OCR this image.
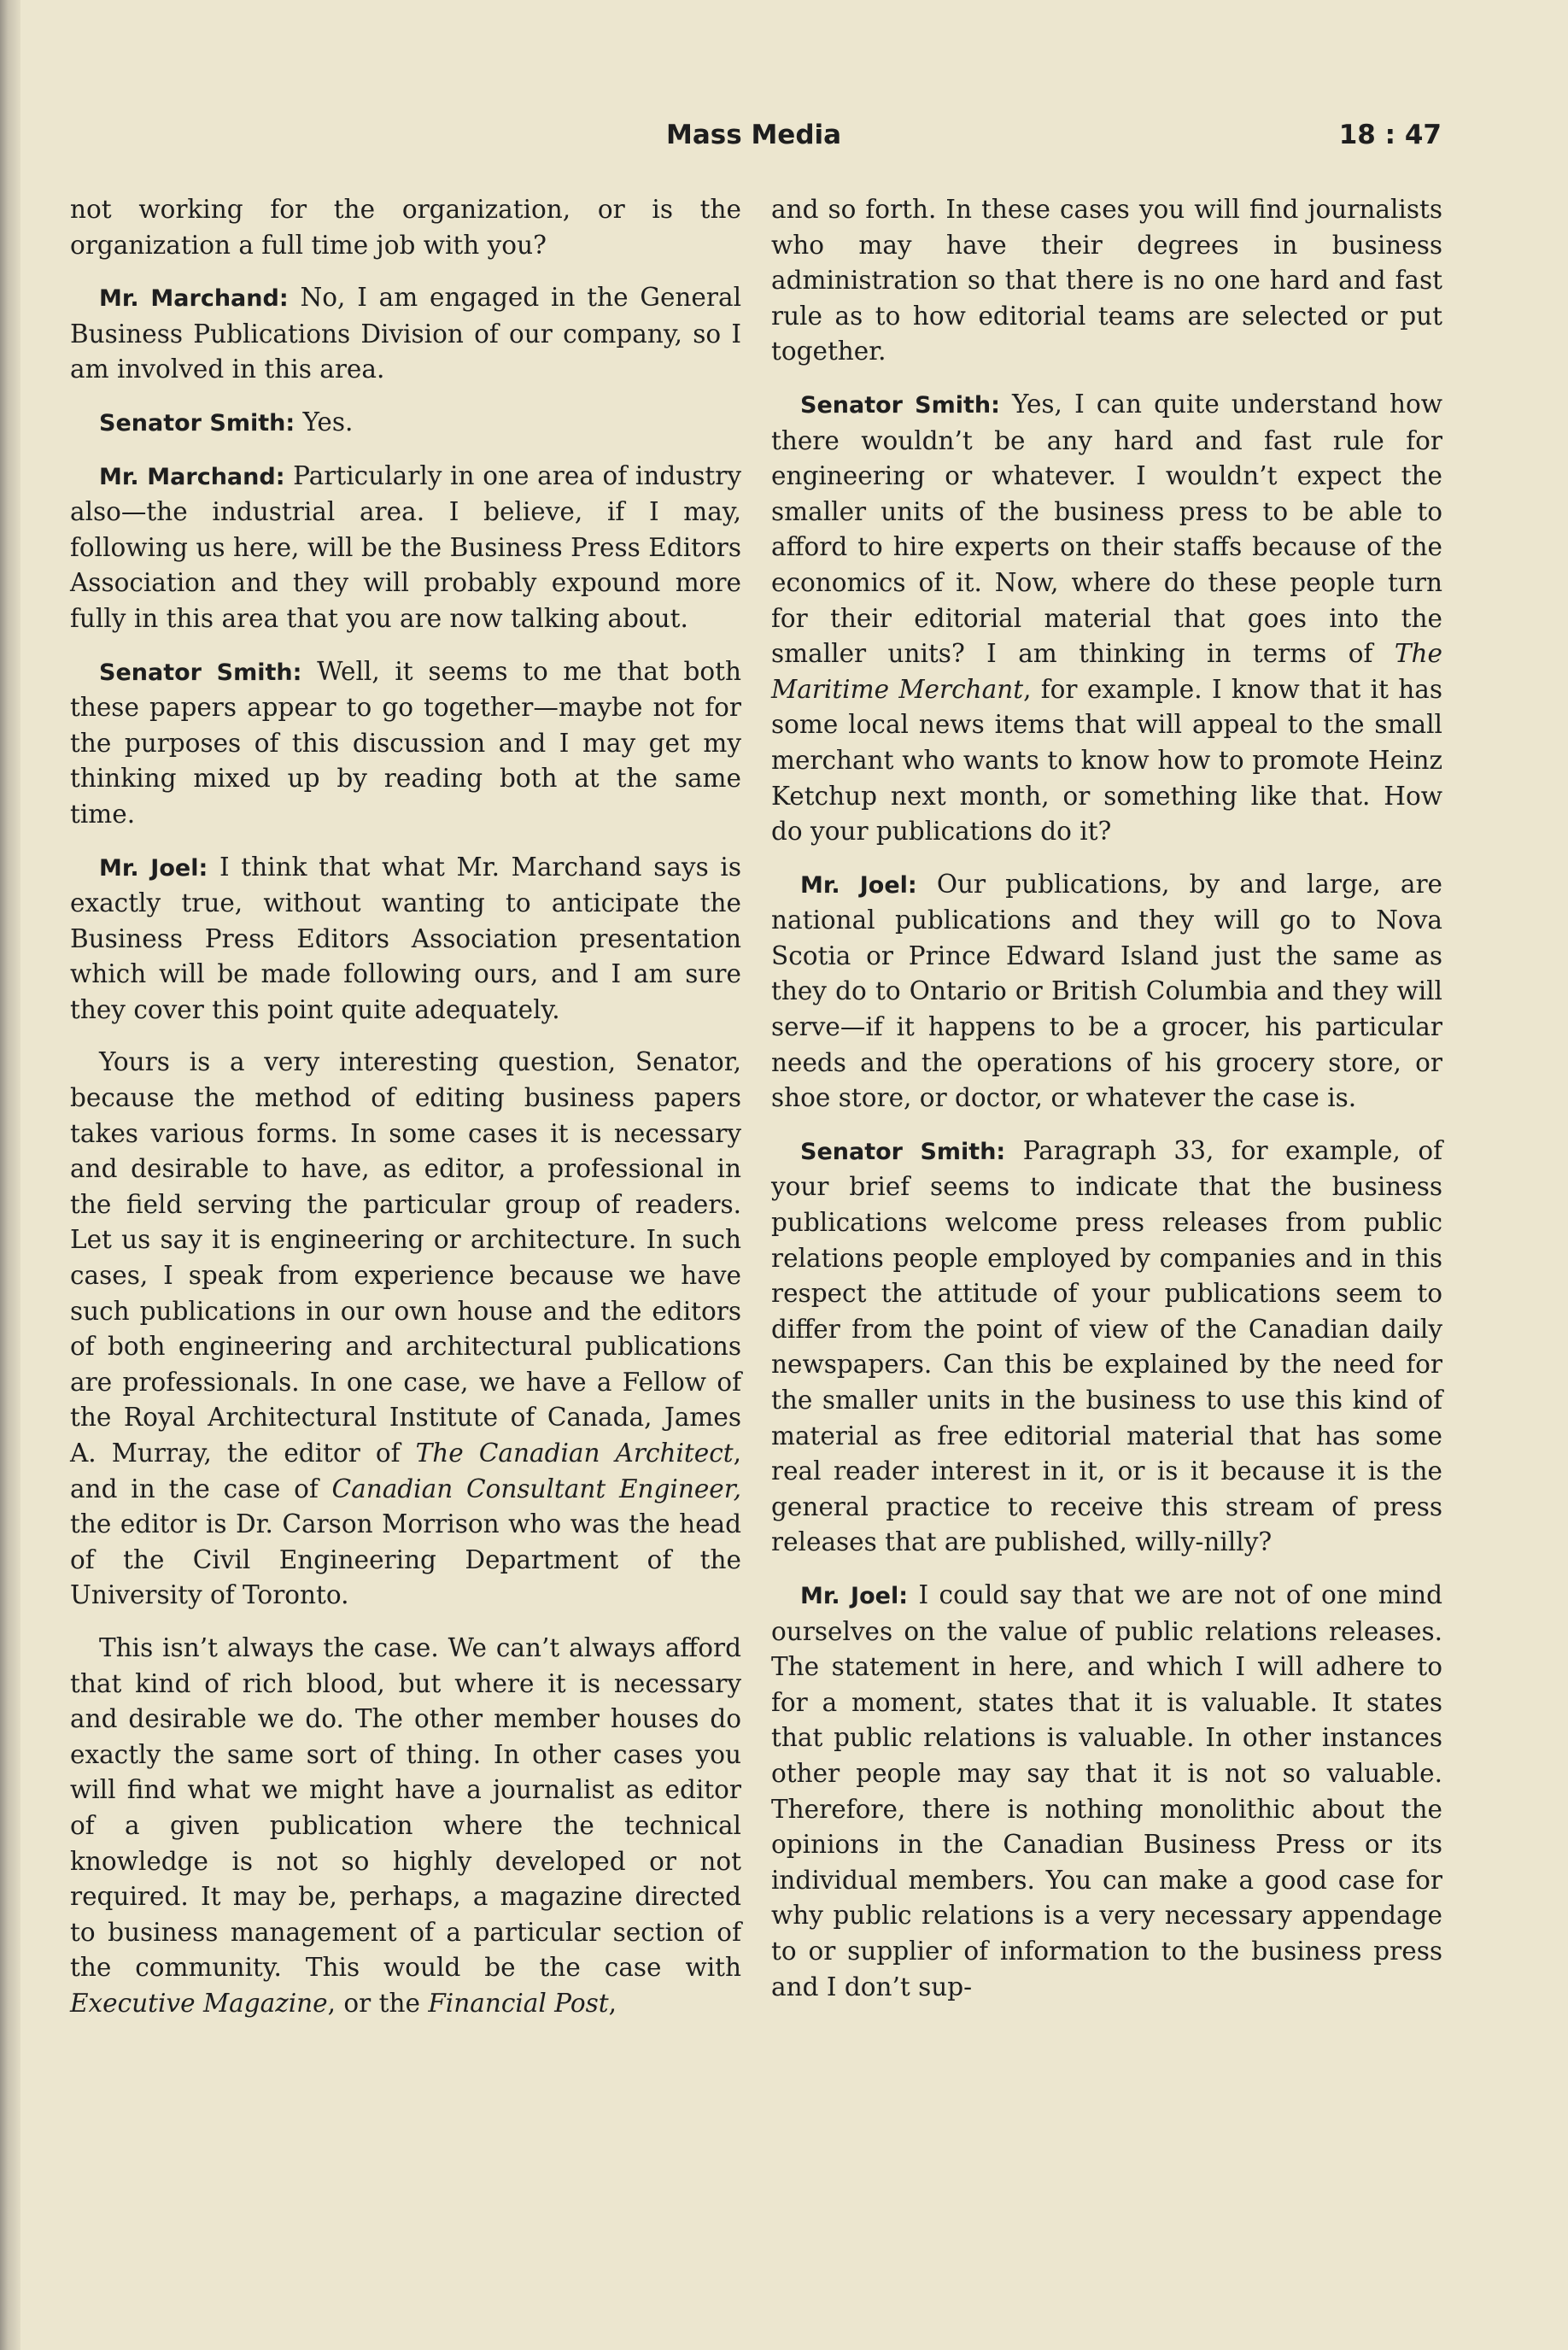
Mass Media	18 : 47

not working for the organization, or is the organization a full time job with you?

Mr. Marchand: No, I am engaged in the General Business Publications Division of our company, so I am involved in this area.

Senator Smith: Yes.

Mr. Marchand: Particularly in one area of industry also—the industrial area. I believe, if I may, following us here, will be the Business Press Editors Association and they will probably expound more fully in this area that you are now talking about.

Senator Smith: Well, it seems to me that both these papers appear to go together—maybe not for the purposes of this discussion and I may get my thinking mixed up by reading both at the same time.

Mr. Joel: I think that what Mr. Marchand says is exactly true, without wanting to anticipate the Business Press Editors Association presentation which will be made following ours, and I am sure they cover this point quite adequately.

Yours is a very interesting question, Senator, because the method of editing business papers takes various forms. In some cases it is necessary and desirable to have, as editor, a professional in the field serving the particular group of readers. Let us say it is engineering or architecture. In such cases, I speak from experience because we have such publications in our own house and the editors of both engineering and architectural publications are professionals. In one case, we have a Fellow of the Royal Architectural Institute of Canada, James A. Murray, the editor of The Canadian Architect, and in the case of Canadian Consultant Engineer, the editor is Dr. Carson Morrison who was the head of the Civil Engineering Department of the University of Toronto.

This isn’t always the case. We can’t always afford that kind of rich blood, but where it is necessary and desirable we do. The other member houses do exactly the same sort of thing. In other cases you will find what we might have a journalist as editor of a given publication where the technical knowledge is not so highly developed or not required. It may be, perhaps, a magazine directed to business management of a particular section of the community. This would be the case with Executive Magazine, or the Financial Post,

and so forth. In these cases you will find journalists who may have their degrees in business administration so that there is no one hard and fast rule as to how editorial teams are selected or put together.

Senator Smith: Yes, I can quite understand how there wouldn’t be any hard and fast rule for engineering or whatever. I wouldn’t expect the smaller units of the business press to be able to afford to hire experts on their staffs because of the economics of it. Now, where do these people turn for their editorial material that goes into the smaller units? I am thinking in terms of The Maritime Merchant, for example. I know that it has some local news items that will appeal to the small merchant who wants to know how to promote Heinz Ketchup next month, or something like that. How do your publications do it?

Mr. Joel: Our publications, by and large, are national publications and they will go to Nova Scotia or Prince Edward Island just the same as they do to Ontario or British Columbia and they will serve—if it happens to be a grocer, his particular needs and the operations of his grocery store, or shoe store, or doctor, or whatever the case is.

Senator Smith: Paragraph 33, for example, of your brief seems to indicate that the business publications welcome press releases from public relations people employed by companies and in this respect the attitude of your publications seem to differ from the point of view of the Canadian daily newspapers. Can this be explained by the need for the smaller units in the business to use this kind of material as free editorial material that has some real reader interest in it, or is it because it is the general practice to receive this stream of press releases that are published, willy-nilly?

Mr. Joel: I could say that we are not of one mind ourselves on the value of public relations releases. The statement in here, and which I will adhere to for a moment, states that it is valuable. It states that public relations is valuable. In other instances other people may say that it is not so valuable. Therefore, there is nothing monolithic about the opinions in the Canadian Business Press or its individual members. You can make a good case for why public relations is a very necessary appendage to or supplier of information to the business press and I don’t sup-
